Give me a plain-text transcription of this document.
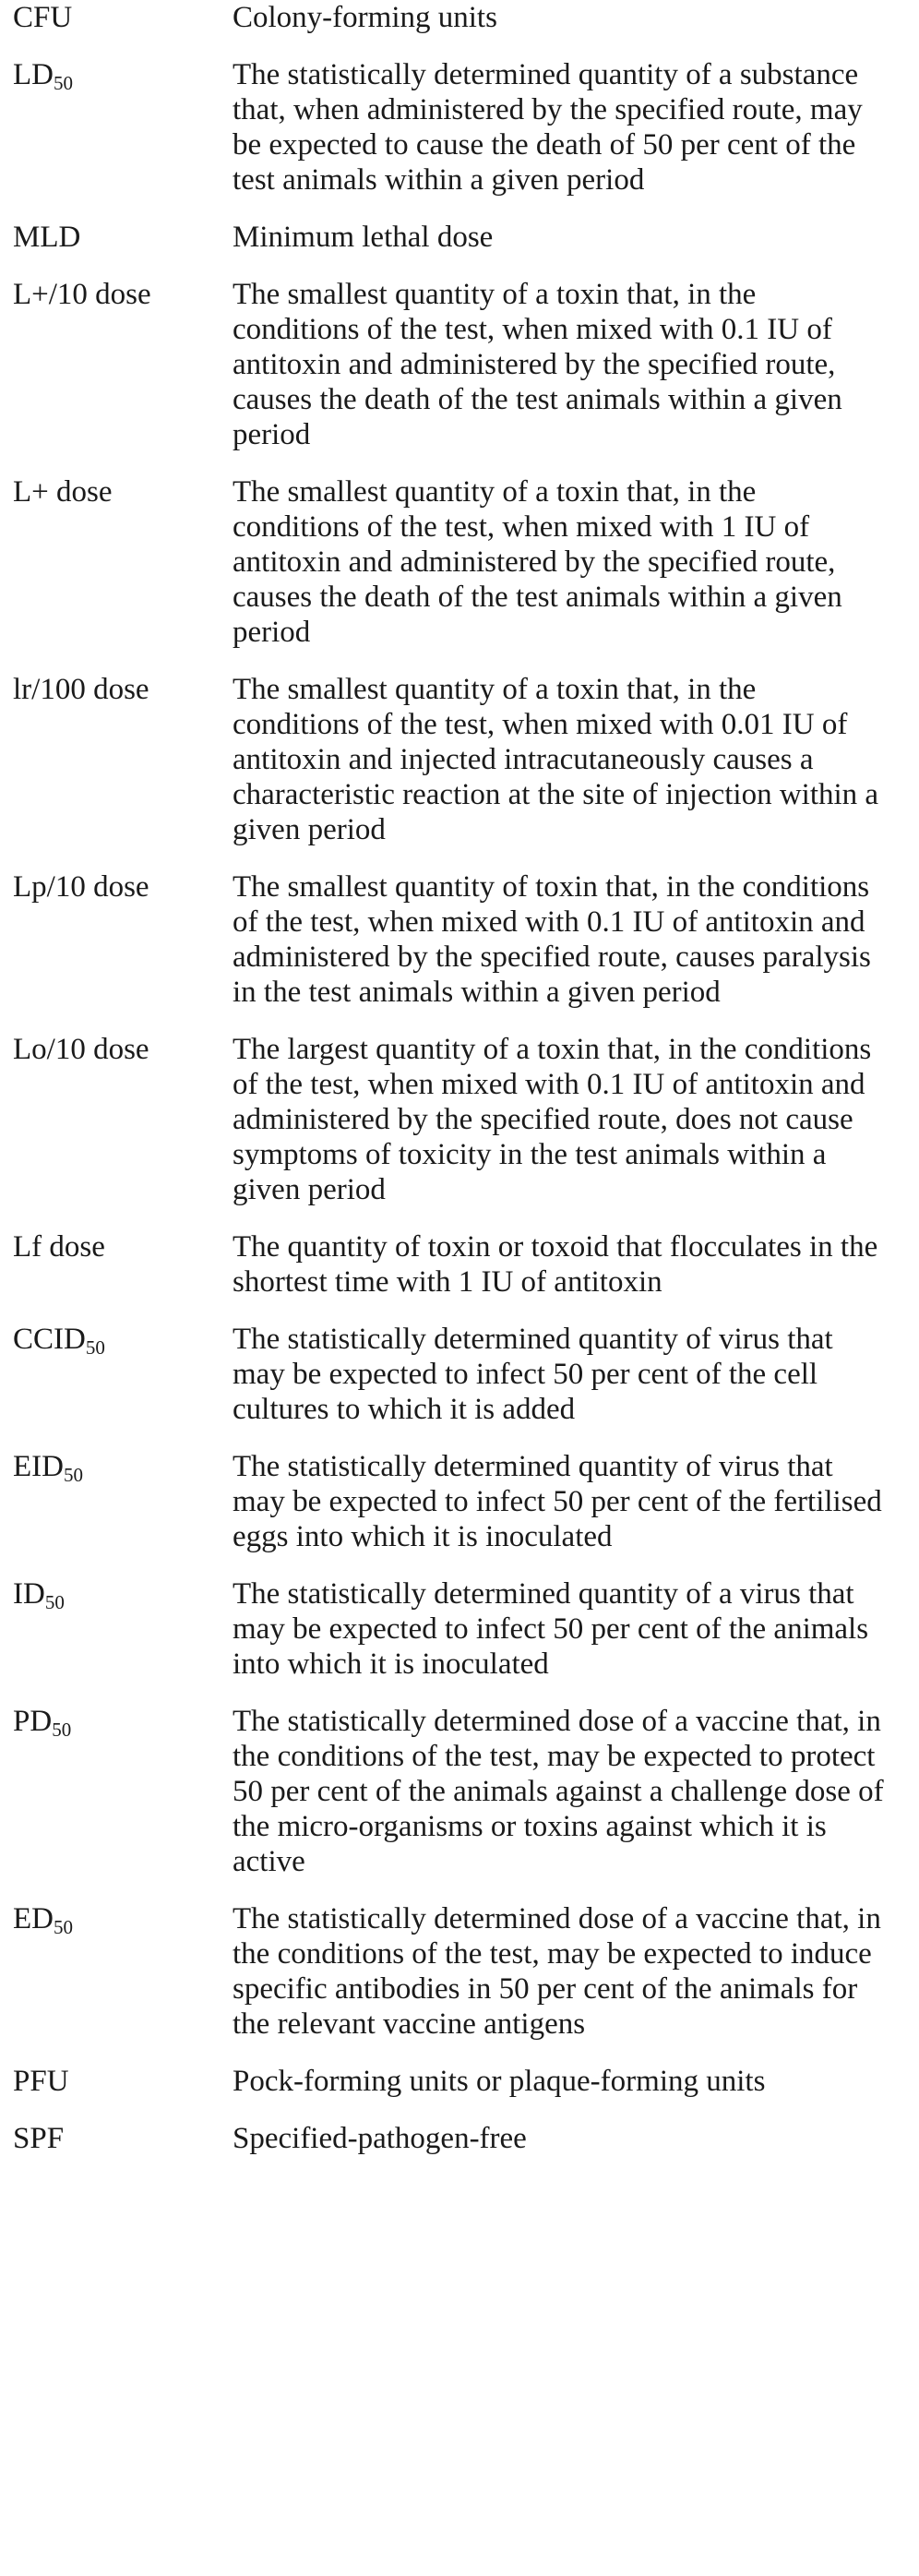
CFU	Colony-forming units
$LD_{50}$	The statistically determined quantity of a substance that, when administered by the specified route, may be expected to cause the death of 50 per cent of the test animals within a given period
MLD	Minimum lethal dose
L+/10 dose	The smallest quantity of a toxin that, in the conditions of the test, when mixed with 0.1 IU of antitoxin and administered by the specified route, causes the death of the test animals within a given period
L+ dose	The smallest quantity of a toxin that, in the conditions of the test, when mixed with 1 IU of antitoxin and administered by the specified route, causes the death of the test animals within a given period
lr/100 dose	The smallest quantity of a toxin that, in the conditions of the test, when mixed with 0.01 IU of antitoxin and injected intracutaneously causes a characteristic reaction at the site of injection within a given period
Lp/10 dose	The smallest quantity of toxin that, in the conditions of the test, when mixed with 0.1 IU of antitoxin and administered by the specified route, causes paralysis in the test animals within a given period
Lo/10 dose	The largest quantity of a toxin that, in the conditions of the test, when mixed with 0.1 IU of antitoxin and administered by the specified route, does not cause symptoms of toxicity in the test animals within a given period
Lf dose	The quantity of toxin or toxoid that flocculates in the shortest time with 1 IU of antitoxin
$CCID_{50}$	The statistically determined quantity of virus that may be expected to infect 50 per cent of the cell cultures to which it is added
$EID_{50}$	The statistically determined quantity of virus that may be expected to infect 50 per cent of the fertilised eggs into which it is inoculated
$ID_{50}$	The statistically determined quantity of a virus that may be expected to infect 50 per cent of the animals into which it is inoculated
$PD_{50}$	The statistically determined dose of a vaccine that, in the conditions of the test, may be expected to protect 50 per cent of the animals against a challenge dose of the micro-organisms or toxins against which it is active
$ED_{50}$	The statistically determined dose of a vaccine that, in the conditions of the test, may be expected to induce specific antibodies in 50 per cent of the animals for the relevant vaccine antigens
PFU	Pock-forming units or plaque-forming units
SPF	Specified-pathogen-free
